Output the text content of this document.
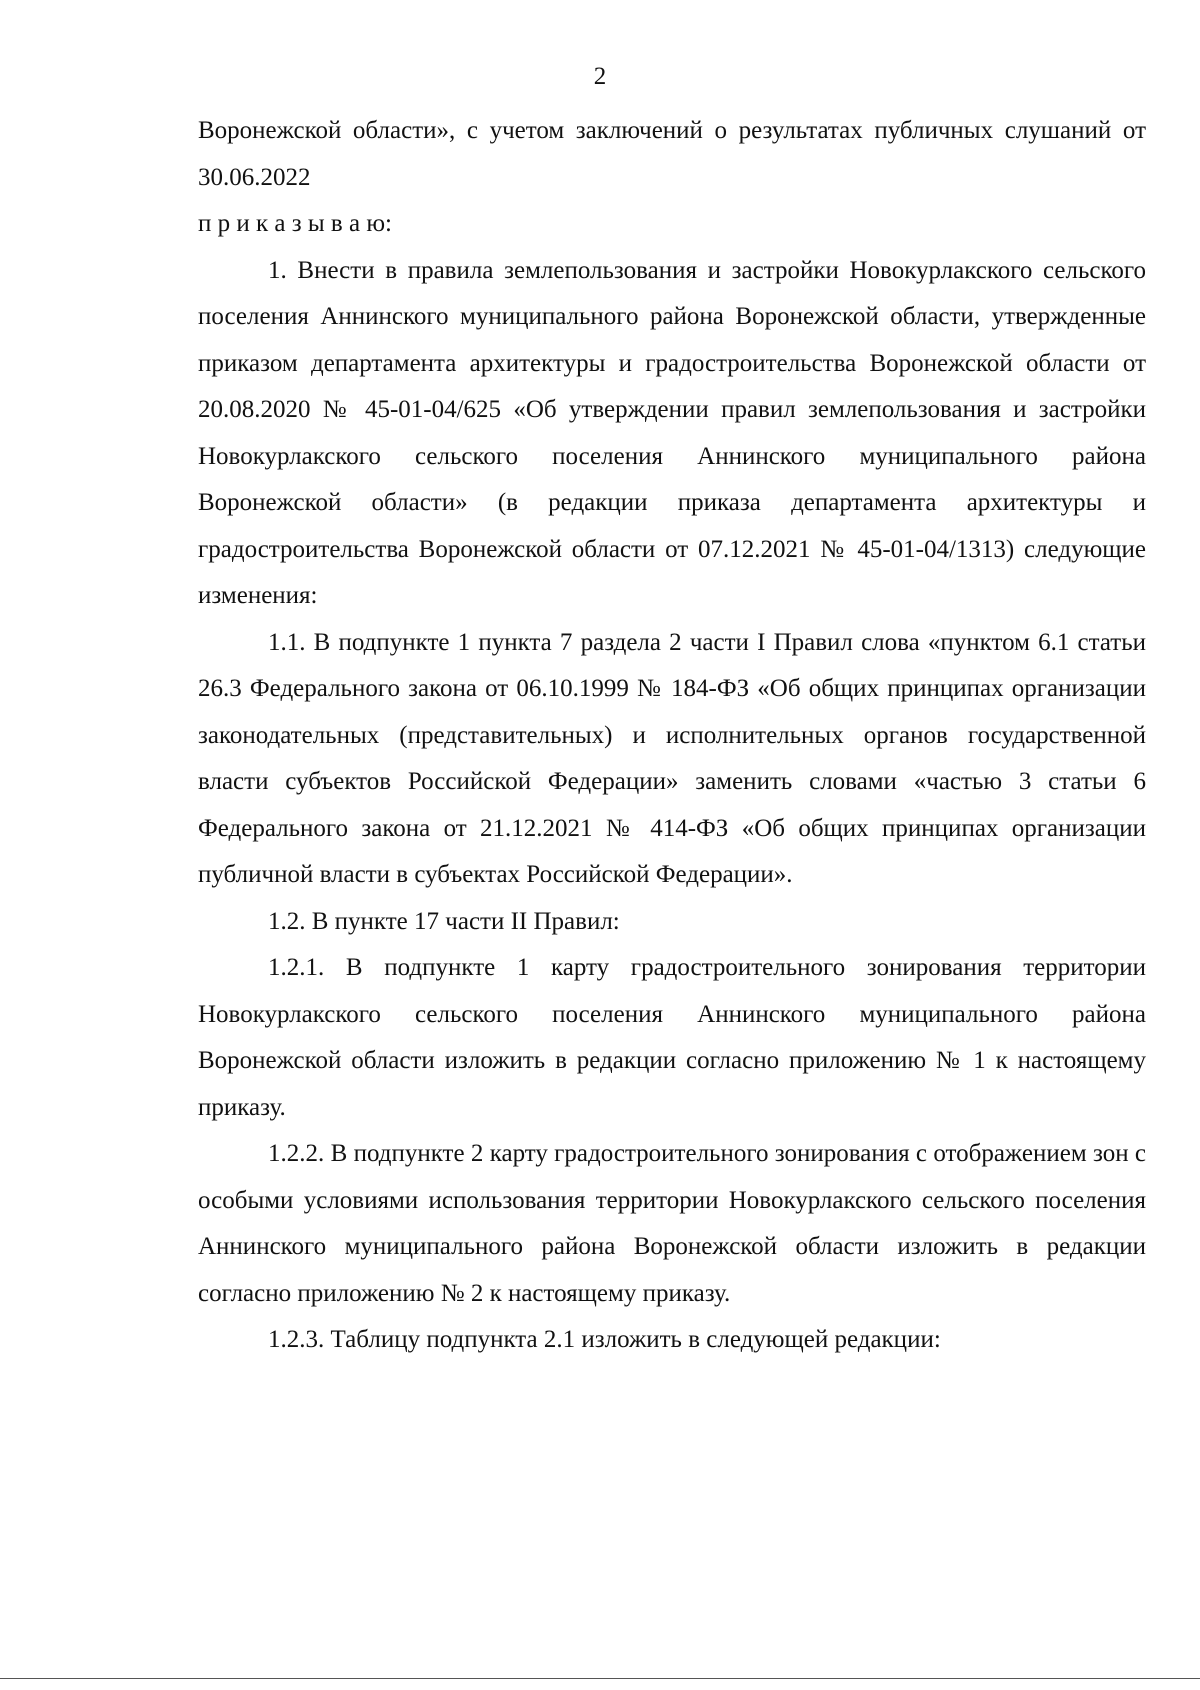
2

Воронежской области», с учетом заключений о результатах публичных слушаний от 30.06.2022

п р и к а з ы в а ю:

1. Внести в правила землепользования и застройки Новокурлакского сельского поселения Аннинского муниципального района Воронежской области, утвержденные приказом департамента архитектуры и градостроительства Воронежской области от 20.08.2020 № 45-01-04/625 «Об утверждении правил землепользования и застройки Новокурлакского сельского поселения Аннинского муниципального района Воронежской области» (в редакции приказа департамента архитектуры и градостроительства Воронежской области от 07.12.2021 № 45-01-04/1313) следующие изменения:

1.1. В подпункте 1 пункта 7 раздела 2 части I Правил слова «пунктом 6.1 статьи 26.3 Федерального закона от 06.10.1999 № 184-ФЗ «Об общих принципах организации законодательных (представительных) и исполнительных органов государственной власти субъектов Российской Федерации» заменить словами «частью 3 статьи 6 Федерального закона от 21.12.2021 № 414-ФЗ «Об общих принципах организации публичной власти в субъектах Российской Федерации».

1.2. В пункте 17 части II Правил:

1.2.1. В подпункте 1 карту градостроительного зонирования территории Новокурлакского сельского поселения Аннинского муниципального района Воронежской области изложить в редакции согласно приложению № 1 к настоящему приказу.

1.2.2. В подпункте 2 карту градостроительного зонирования с отображением зон с особыми условиями использования территории Новокурлакского сельского поселения Аннинского муниципального района Воронежской области изложить в редакции согласно приложению № 2 к настоящему приказу.

1.2.3. Таблицу подпункта 2.1 изложить в следующей редакции:
